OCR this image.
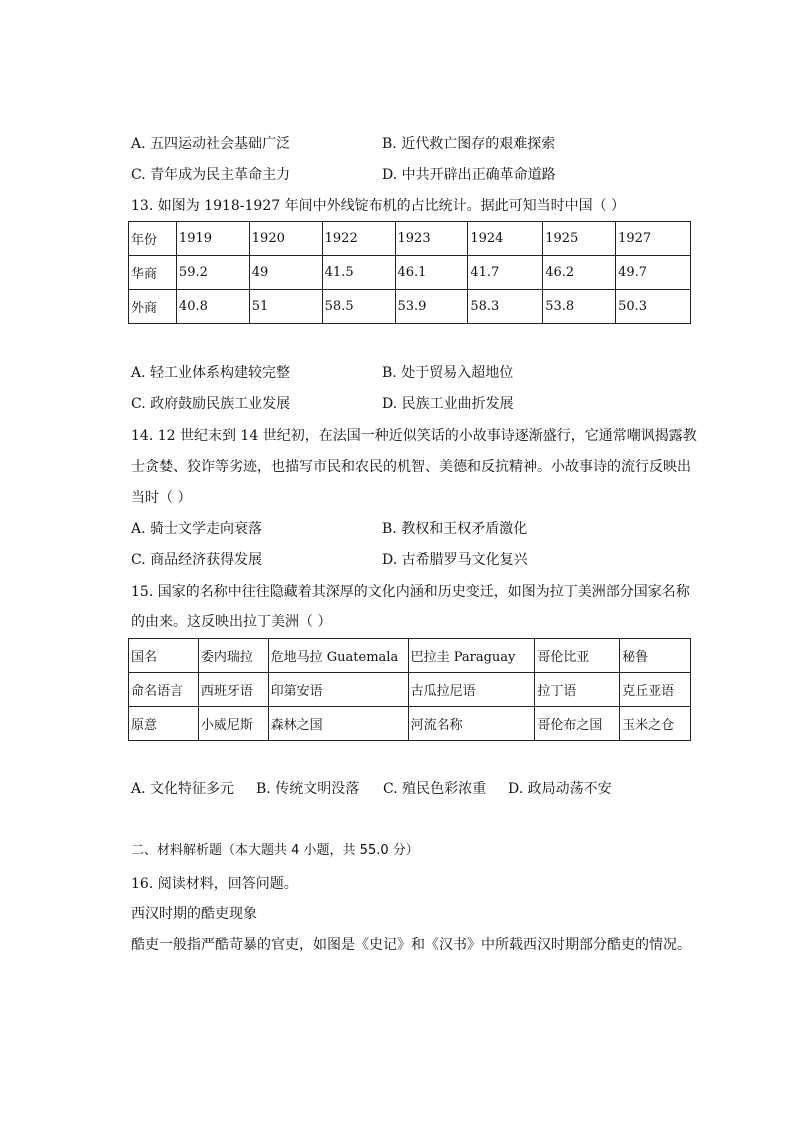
A. 五四运动社会基础广泛	B. 近代救亡图存的艰难探索
C. 青年成为民主革命主力	D. 中共开辟出正确革命道路
13. 如图为 1918-1927 年间中外线锭布机的占比统计。据此可知当时中国（ ）
年份	1919	1920	1922	1923	1924	1925	1927
华商	59.2	49	41.5	46.1	41.7	46.2	49.7
外商	40.8	51	58.5	53.9	58.3	53.8	50.3
A. 轻工业体系构建较完整	B. 处于贸易入超地位
C. 政府鼓励民族工业发展	D. 民族工业曲折发展
14. 12 世纪末到 14 世纪初，在法国一种近似笑话的小故事诗逐渐盛行，它通常嘲讽揭露教
士贪婪、狡诈等劣迹，也描写市民和农民的机智、美德和反抗精神。小故事诗的流行反映出
当时（ ）
A. 骑士文学走向衰落	B. 教权和王权矛盾激化
C. 商品经济获得发展	D. 古希腊罗马文化复兴
15. 国家的名称中往往隐藏着其深厚的文化内涵和历史变迁，如图为拉丁美洲部分国家名称
的由来。这反映出拉丁美洲（ ）
国名	委内瑞拉	危地马拉 Guatemala	巴拉圭 Paraguay	哥伦比亚	秘鲁
命名语言	西班牙语	印第安语	古瓜拉尼语	拉丁语	克丘亚语
原意	小威尼斯	森林之国	河流名称	哥伦布之国	玉米之仓
A. 文化特征多元 B. 传统文明没落 C. 殖民色彩浓重 D. 政局动荡不安
二、材料解析题（本大题共 4 小题，共 55.0 分）
16. 阅读材料，回答问题。
西汉时期的酷吏现象
酷吏一般指严酷苛暴的官吏，如图是《史记》和《汉书》中所载西汉时期部分酷吏的情况。
